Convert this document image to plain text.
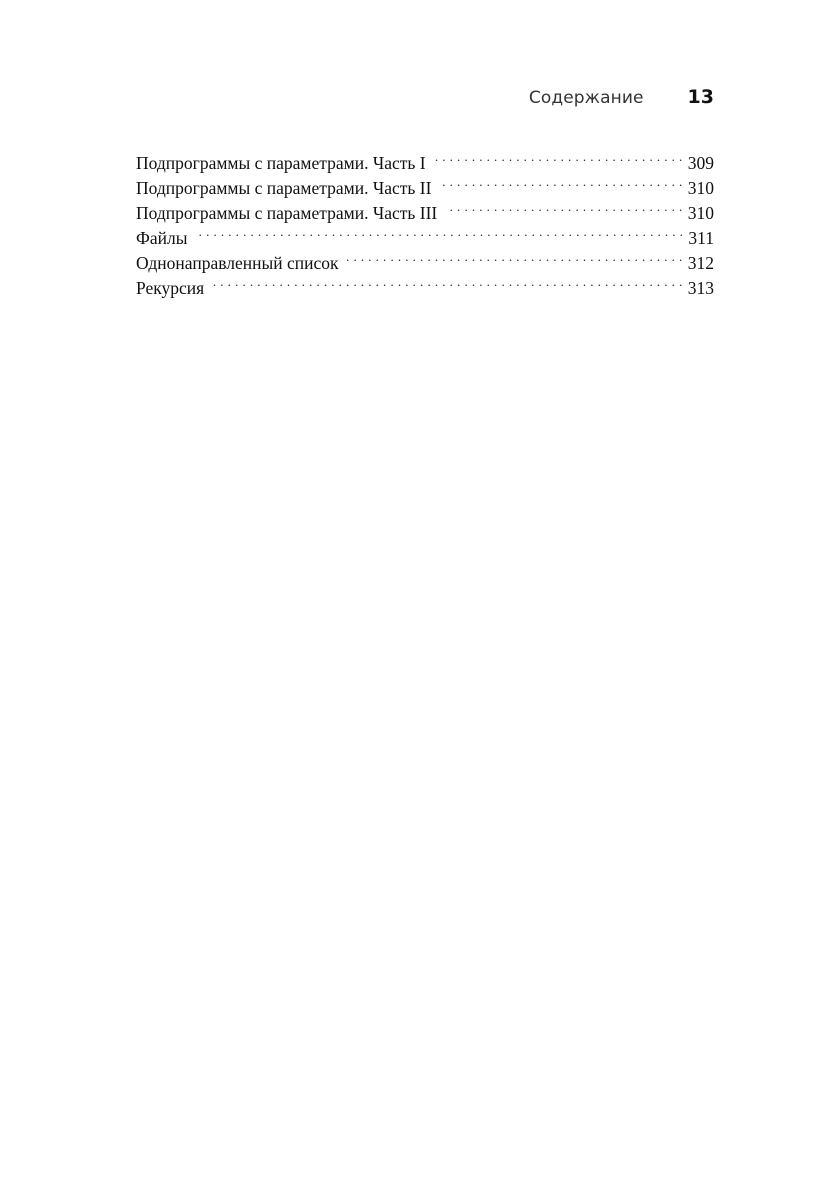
Содержание 13
Подпрограммы с параметрами. Часть I . . .	309
Подпрограммы с параметрами. Часть II . . .	310
Подпрограммы с параметрами. Часть III . . .	310
Файлы . . .	311
Однонаправленный список . . .	312
Рекурсия . . .	313
